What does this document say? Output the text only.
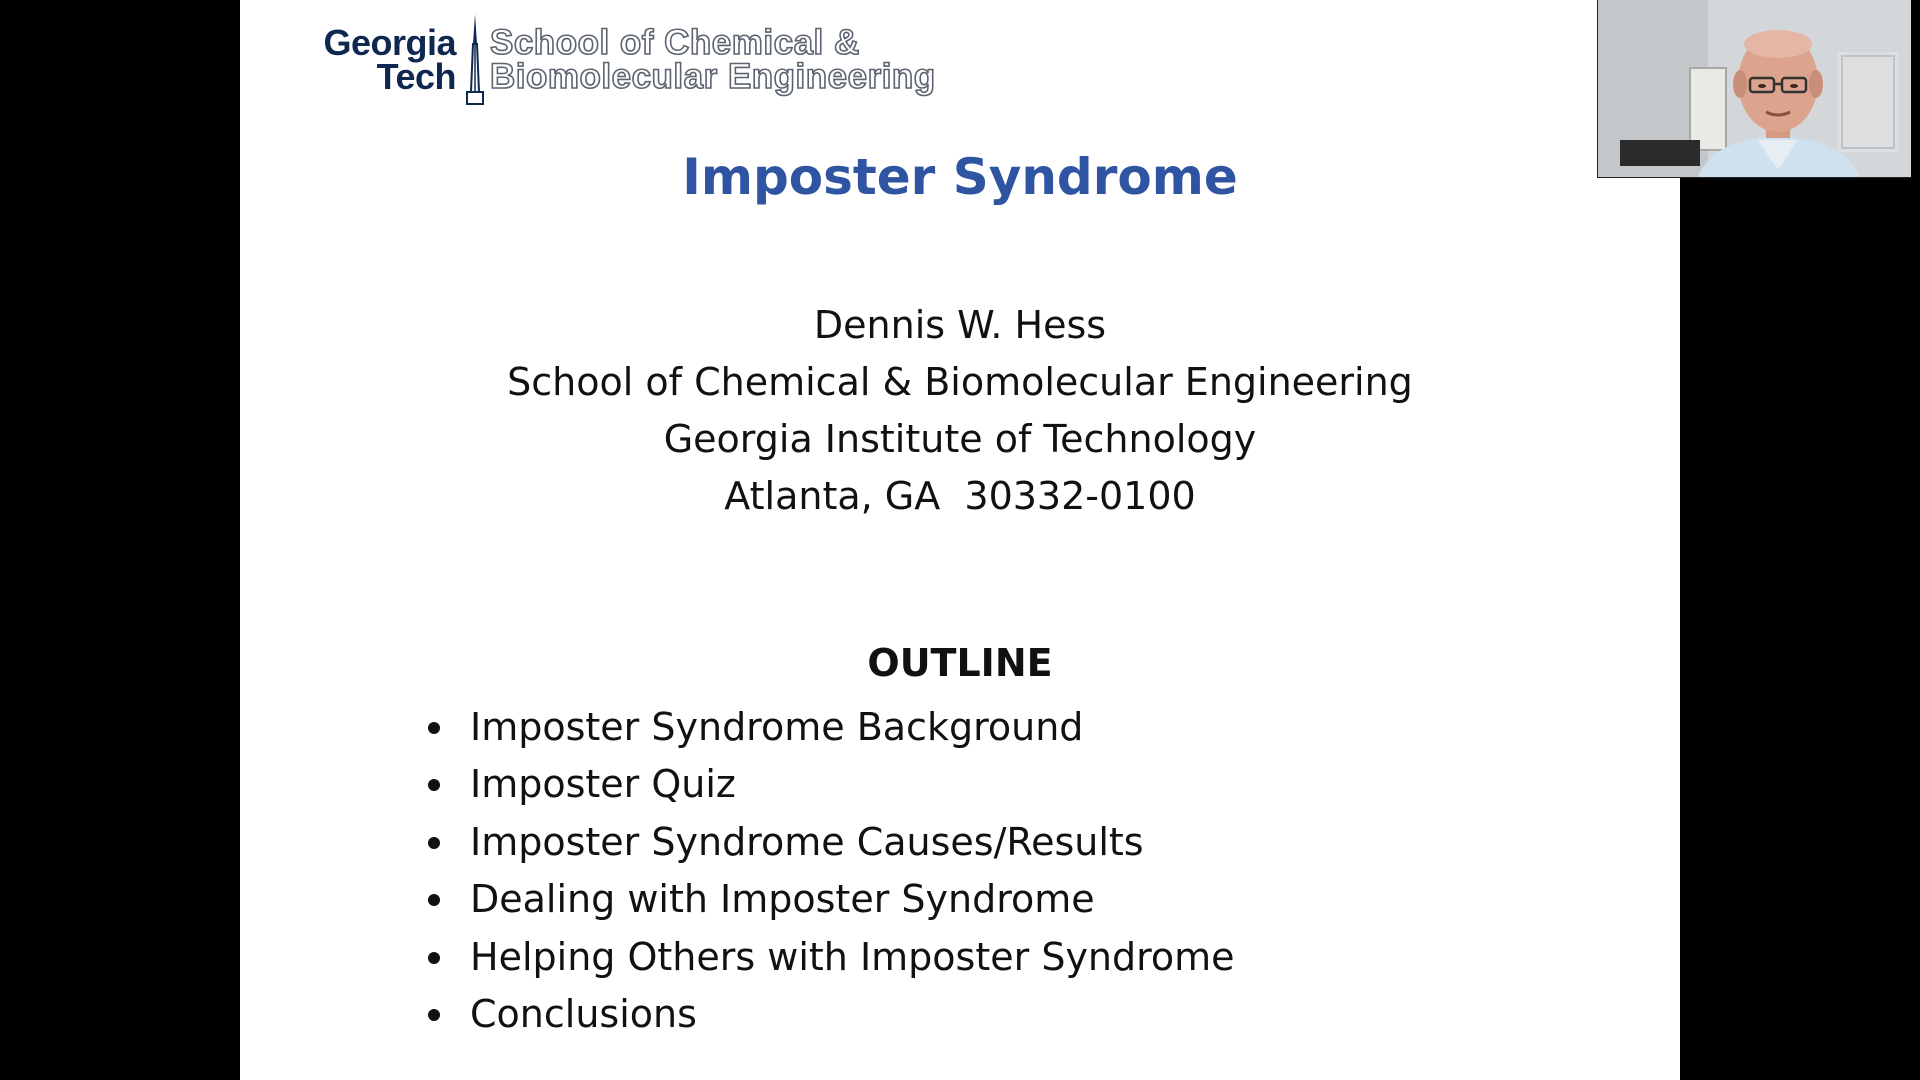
Georgia
Tech
School of Chemical &
Biomolecular Engineering
Imposter Syndrome
Dennis W. Hess
School of Chemical & Biomolecular Engineering
Georgia Institute of Technology
Atlanta, GA  30332-0100
OUTLINE
Imposter Syndrome Background
Imposter Quiz
Imposter Syndrome Causes/Results
Dealing with Imposter Syndrome
Helping Others with Imposter Syndrome
Conclusions
